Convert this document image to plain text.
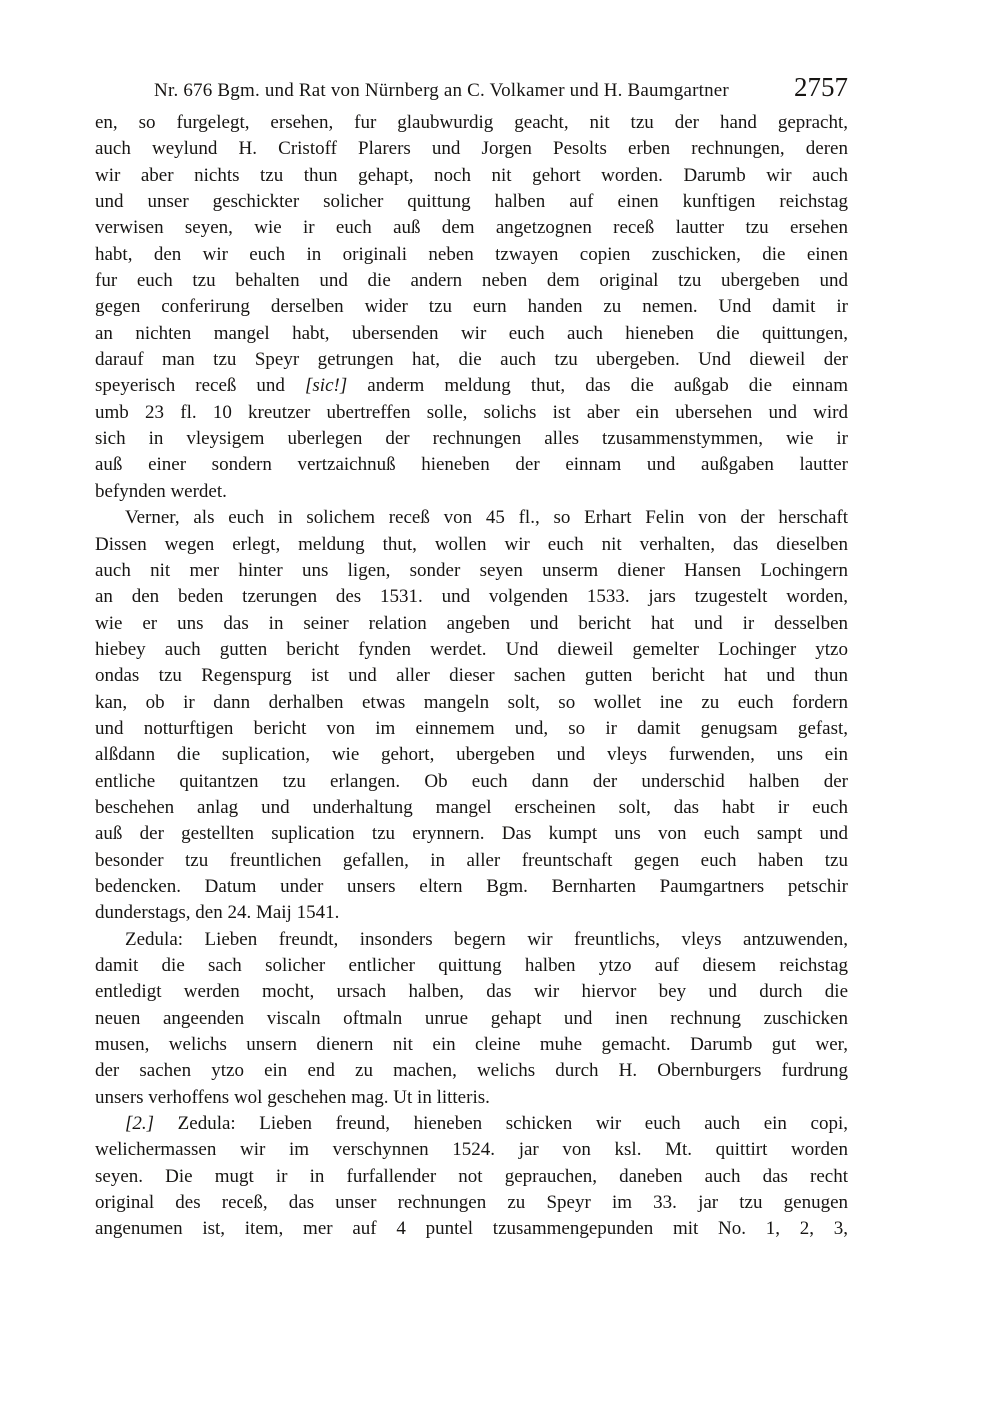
Nr. 676 Bgm. und Rat von Nürnberg an C. Volkamer und H. Baumgartner	2757
en, so furgelegt, ersehen, fur glaubwurdig geacht, nit tzu der hand gepracht,
auch weylund H. Cristoff Plarers und Jorgen Pesolts erben rechnungen, deren
wir aber nichts tzu thun gehapt, noch nit gehort worden. Darumb wir auch
und unser geschickter solicher quittung halben auf einen kunftigen reichstag
verwisen seyen, wie ir euch auß dem angetzognen receß lautter tzu ersehen
habt, den wir euch in originali neben tzwayen copien zuschicken, die einen
fur euch tzu behalten und die andern neben dem original tzu ubergeben und
gegen conferirung derselben wider tzu eurn handen zu nemen. Und damit ir
an nichten mangel habt, ubersenden wir euch auch hieneben die quittungen,
darauf man tzu Speyr getrungen hat, die auch tzu ubergeben. Und dieweil der
speyerisch receß und [sic!] anderm meldung thut, das die außgab die einnam
umb 23 fl. 10 kreutzer ubertreffen solle, solichs ist aber ein ubersehen und wird
sich in vleysigem uberlegen der rechnungen alles tzusammenstymmen, wie ir
auß einer sondern vertzaichnuß hieneben der einnam und außgaben lautter
befynden werdet.
Verner, als euch in solichem receß von 45 fl., so Erhart Felin von der herschaft
Dissen wegen erlegt, meldung thut, wollen wir euch nit verhalten, das dieselben
auch nit mer hinter uns ligen, sonder seyen unserm diener Hansen Lochingern
an den beden tzerungen des 1531. und volgenden 1533. jars tzugestelt worden,
wie er uns das in seiner relation angeben und bericht hat und ir desselben
hiebey auch gutten bericht fynden werdet. Und dieweil gemelter Lochinger ytzo
ondas tzu Regenspurg ist und aller dieser sachen gutten bericht hat und thun
kan, ob ir dann derhalben etwas mangeln solt, so wollet ine zu euch fordern
und notturftigen bericht von im einnemem und, so ir damit genugsam gefast,
alßdann die suplication, wie gehort, ubergeben und vleys furwenden, uns ein
entliche quitantzen tzu erlangen. Ob euch dann der underschid halben der
beschehen anlag und underhaltung mangel erscheinen solt, das habt ir euch
auß der gestellten suplication tzu erynnern. Das kumpt uns von euch sampt und
besonder tzu freuntlichen gefallen, in aller freuntschaft gegen euch haben tzu
bedencken. Datum under unsers eltern Bgm. Bernharten Paumgartners petschir
dunderstags, den 24. Maij 1541.
Zedula: Lieben freundt, insonders begern wir freuntlichs, vleys antzuwenden,
damit die sach solicher entlicher quittung halben ytzo auf diesem reichstag
entledigt werden mocht, ursach halben, das wir hiervor bey und durch die
neuen angeenden viscaln oftmaln unrue gehapt und inen rechnung zuschicken
musen, welichs unsern dienern nit ein cleine muhe gemacht. Darumb gut wer,
der sachen ytzo ein end zu machen, welichs durch H. Obernburgers furdrung
unsers verhoffens wol geschehen mag. Ut in litteris.
[2.] Zedula: Lieben freund, hieneben schicken wir euch auch ein copi,
welichermassen wir im verschynnen 1524. jar von ksl. Mt. quittirt worden
seyen. Die mugt ir in furfallender not geprauchen, daneben auch das recht
original des receß, das unser rechnungen zu Speyr im 33. jar tzu genugen
angenumen ist, item, mer auf 4 puntel tzusammengepunden mit No. 1, 2, 3,
